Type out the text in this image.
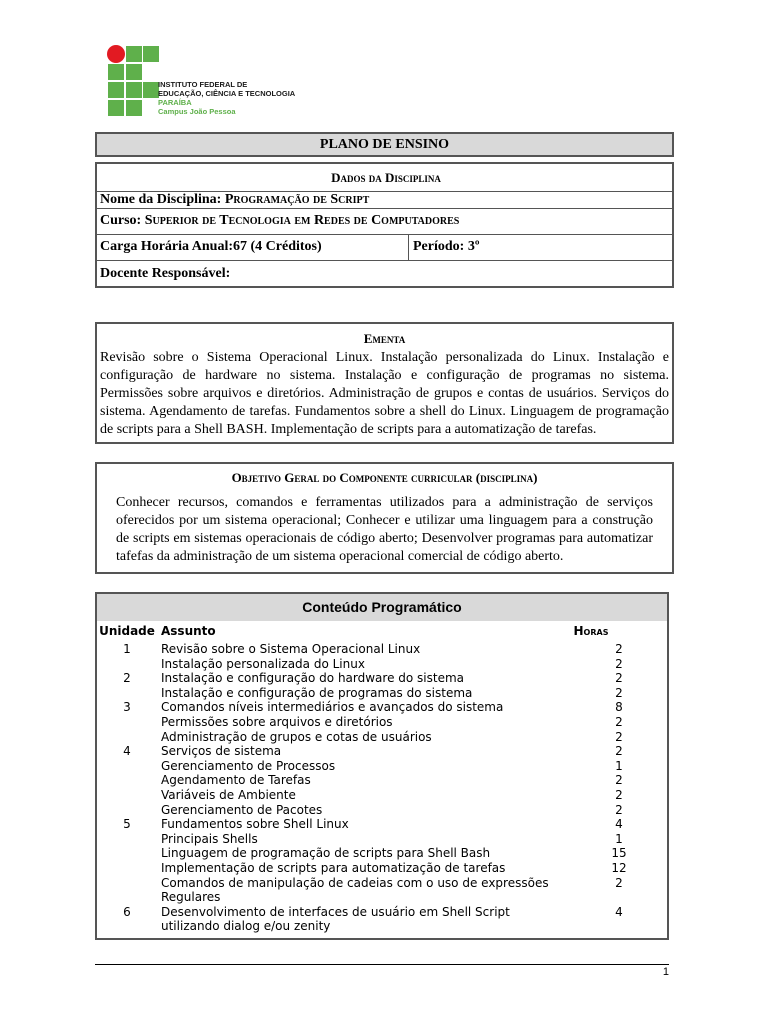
INSTITUTO FEDERAL DE
EDUCAÇÃO, CIÊNCIA E TECNOLOGIA
PARAÍBA
Campus João Pessoa
PLANO DE ENSINO
Dados da Disciplina
Nome da Disciplina: Programação de Script
Curso: Superior de Tecnologia em Redes de Computadores
Carga Horária Anual:67 (4 Créditos)	Período: 3º
Docente Responsável:
Ementa
Revisão sobre o Sistema Operacional Linux. Instalação personalizada do Linux. Instalação e configuração de hardware no sistema. Instalação e configuração de programas no sistema. Permissões sobre arquivos e diretórios. Administração de grupos e contas de usuários. Serviços do sistema. Agendamento de tarefas. Fundamentos sobre a shell do Linux. Linguagem de programação de scripts para a Shell BASH. Implementação de scripts para a automatização de tarefas.
Objetivo Geral do Componente curricular (disciplina)
Conhecer recursos, comandos e ferramentas utilizados para a administração de serviços oferecidos por um sistema operacional; Conhecer e utilizar uma linguagem para a construção de scripts em sistemas operacionais de código aberto; Desenvolver programas para automatizar tafefas da administração de um sistema operacional comercial de código aberto.
Conteúdo Programático
Unidade Assunto	Horas
1	Revisão sobre o Sistema Operacional Linux	2
Instalação personalizada do Linux	2
2	Instalação e configuração do hardware do sistema	2
Instalação e configuração de programas do sistema	2
3	Comandos níveis intermediários e avançados do sistema	8
Permissões sobre arquivos e diretórios	2
Administração de grupos e cotas de usuários	2
4	Serviços de sistema	2
Gerenciamento de Processos	1
Agendamento de Tarefas	2
Variáveis de Ambiente	2
Gerenciamento de Pacotes	2
5	Fundamentos sobre Shell Linux	4
Principais Shells	1
Linguagem de programação de scripts para Shell Bash	15
Implementação de scripts para automatização de tarefas	12
Comandos de manipulação de cadeias com o uso de expressões	2
Regulares
6	Desenvolvimento de interfaces de usuário em Shell Script	4
utilizando dialog e/ou zenity
1
